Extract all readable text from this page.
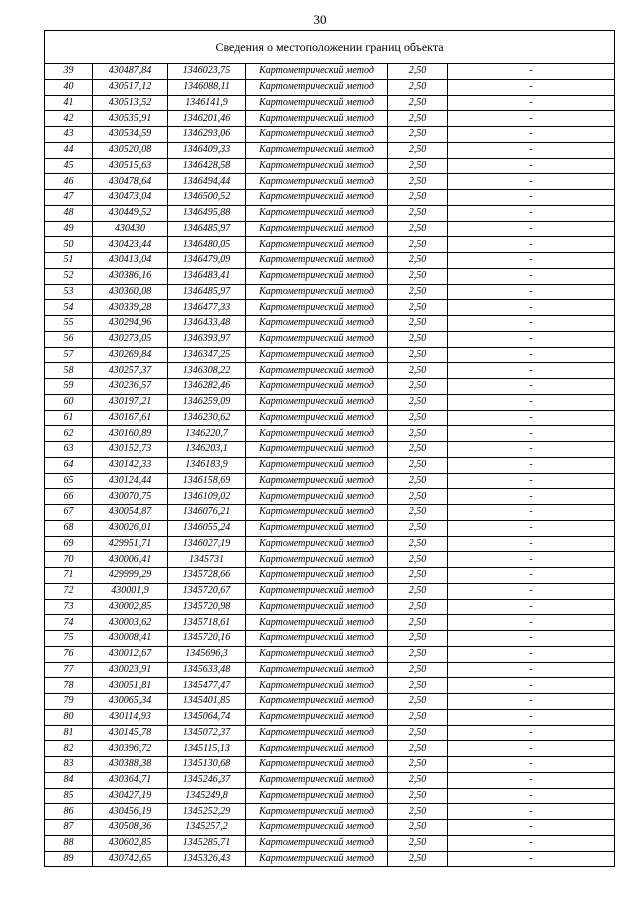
30
Сведения о местоположении границ объекта					
39	430487,84	1346023,75	Картометрический метод	2,50	-
40	430517,12	1346088,11	Картометрический метод	2,50	-
41	430513,52	1346141,9	Картометрический метод	2,50	-
42	430535,91	1346201,46	Картометрический метод	2,50	-
43	430534,59	1346293,06	Картометрический метод	2,50	-
44	430520,08	1346409,33	Картометрический метод	2,50	-
45	430515,63	1346428,58	Картометрический метод	2,50	-
46	430478,64	1346494,44	Картометрический метод	2,50	-
47	430473,04	1346500,52	Картометрический метод	2,50	-
48	430449,52	1346495,88	Картометрический метод	2,50	-
49	430430	1346485,97	Картометрический метод	2,50	-
50	430423,44	1346480,05	Картометрический метод	2,50	-
51	430413,04	1346479,09	Картометрический метод	2,50	-
52	430386,16	1346483,41	Картометрический метод	2,50	-
53	430360,08	1346485,97	Картометрический метод	2,50	-
54	430339,28	1346477,33	Картометрический метод	2,50	-
55	430294,96	1346433,48	Картометрический метод	2,50	-
56	430273,05	1346393,97	Картометрический метод	2,50	-
57	430269,84	1346347,25	Картометрический метод	2,50	-
58	430257,37	1346308,22	Картометрический метод	2,50	-
59	430236,57	1346282,46	Картометрический метод	2,50	-
60	430197,21	1346259,09	Картометрический метод	2,50	-
61	430167,61	1346230,62	Картометрический метод	2,50	-
62	430160,89	1346220,7	Картометрический метод	2,50	-
63	430152,73	1346203,1	Картометрический метод	2,50	-
64	430142,33	1346183,9	Картометрический метод	2,50	-
65	430124,44	1346158,69	Картометрический метод	2,50	-
66	430070,75	1346109,02	Картометрический метод	2,50	-
67	430054,87	1346076,21	Картометрический метод	2,50	-
68	430026,01	1346055,24	Картометрический метод	2,50	-
69	429951,71	1346027,19	Картометрический метод	2,50	-
70	430006,41	1345731	Картометрический метод	2,50	-
71	429999,29	1345728,66	Картометрический метод	2,50	-
72	430001,9	1345720,67	Картометрический метод	2,50	-
73	430002,85	1345720,98	Картометрический метод	2,50	-
74	430003,62	1345718,61	Картометрический метод	2,50	-
75	430008,41	1345720,16	Картометрический метод	2,50	-
76	430012,67	1345696,3	Картометрический метод	2,50	-
77	430023,91	1345633,48	Картометрический метод	2,50	-
78	430051,81	1345477,47	Картометрический метод	2,50	-
79	430065,34	1345401,85	Картометрический метод	2,50	-
80	430114,93	1345064,74	Картометрический метод	2,50	-
81	430145,78	1345072,37	Картометрический метод	2,50	-
82	430396,72	1345115,13	Картометрический метод	2,50	-
83	430388,38	1345130,68	Картометрический метод	2,50	-
84	430364,71	1345246,37	Картометрический метод	2,50	-
85	430427,19	1345249,8	Картометрический метод	2,50	-
86	430456,19	1345252,29	Картометрический метод	2,50	-
87	430508,36	1345257,2	Картометрический метод	2,50	-
88	430602,85	1345285,71	Картометрический метод	2,50	-
89	430742,65	1345326,43	Картометрический метод	2,50	-
